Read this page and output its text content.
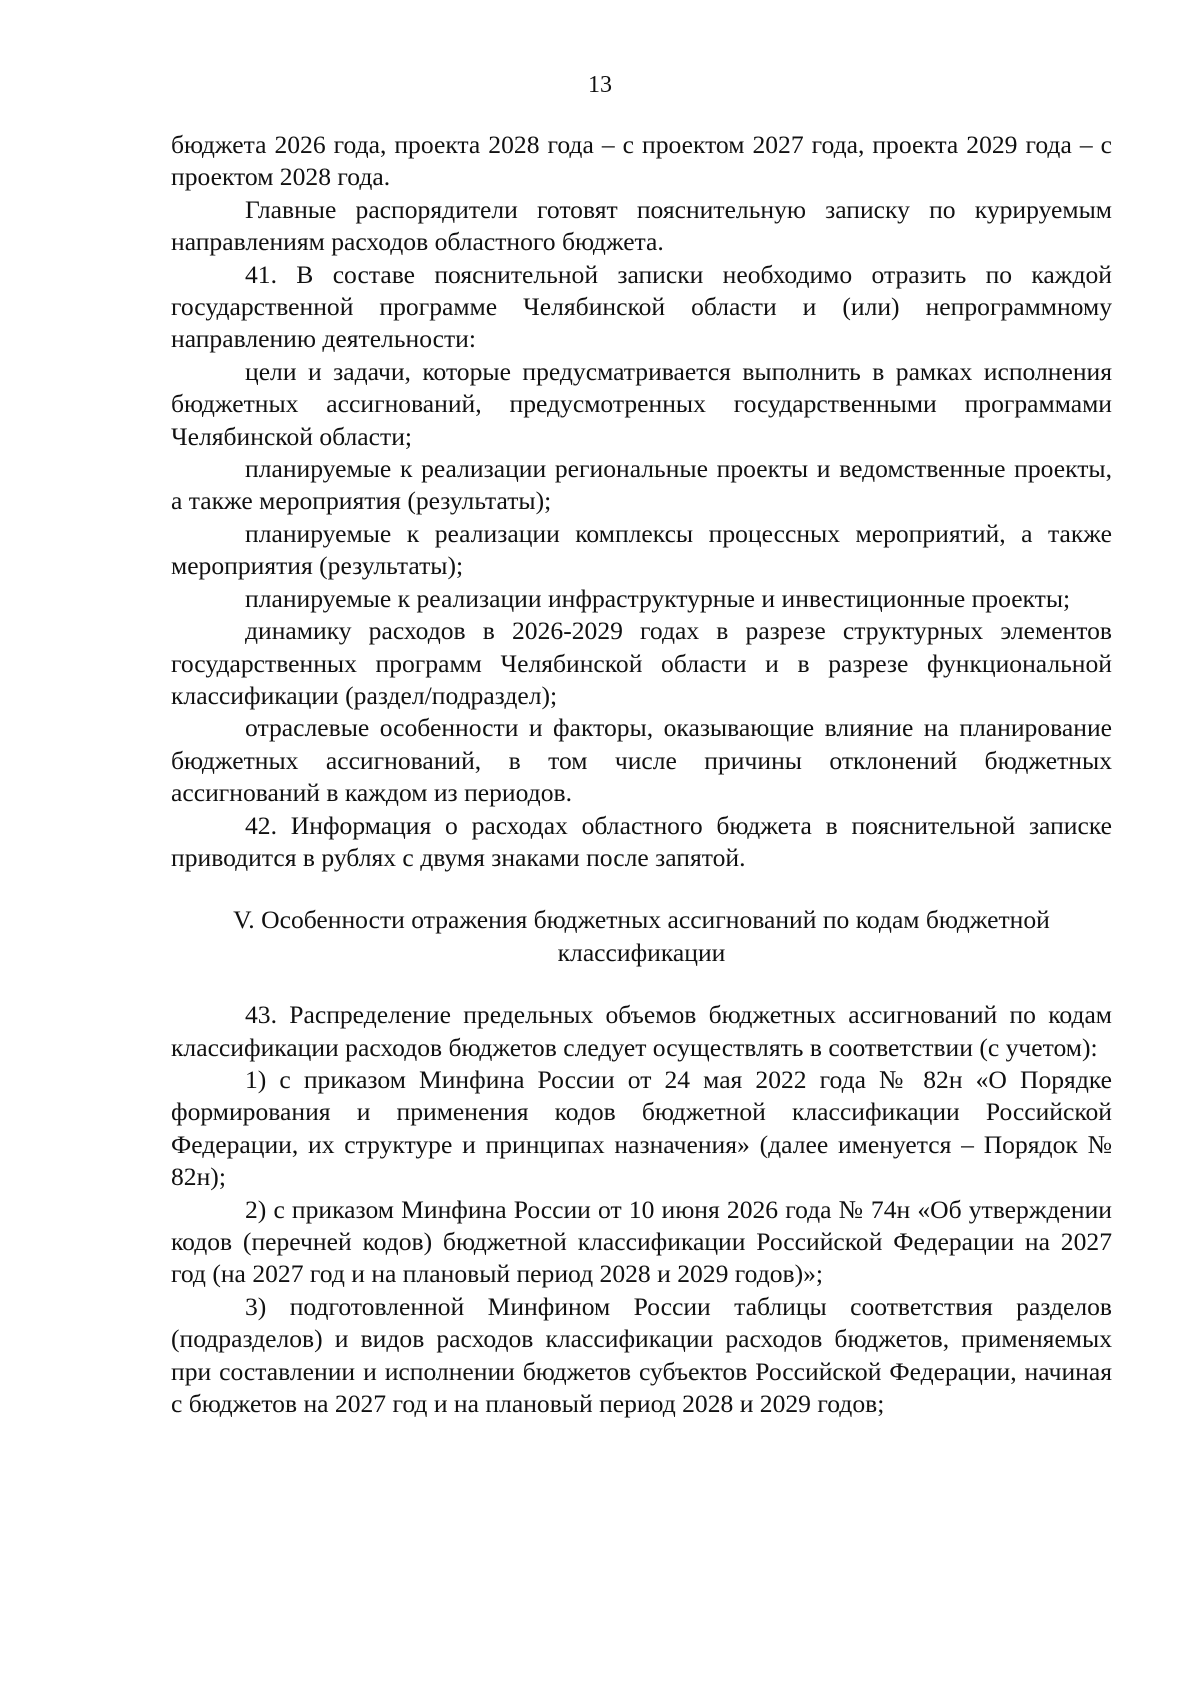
13

бюджета 2026 года, проекта 2028 года – с проектом 2027 года, проекта 2029 года – с проектом 2028 года.

Главные распорядители готовят пояснительную записку по курируемым направлениям расходов областного бюджета.

41. В составе пояснительной записки необходимо отразить по каждой государственной программе Челябинской области и (или) непрограммному направлению деятельности:

цели и задачи, которые предусматривается выполнить в рамках исполнения бюджетных ассигнований, предусмотренных государственными программами Челябинской области;

планируемые к реализации региональные проекты и ведомственные проекты, а также мероприятия (результаты);

планируемые к реализации комплексы процессных мероприятий, а также мероприятия (результаты);

планируемые к реализации инфраструктурные и инвестиционные проекты;

динамику расходов в 2026-2029 годах в разрезе структурных элементов государственных программ Челябинской области и в разрезе функциональной классификации (раздел/подраздел);

отраслевые особенности и факторы, оказывающие влияние на планирование бюджетных ассигнований, в том числе причины отклонений бюджетных ассигнований в каждом из периодов.

42. Информация о расходах областного бюджета в пояснительной записке приводится в рублях с двумя знаками после запятой.

V. Особенности отражения бюджетных ассигнований по кодам бюджетной
классификации

43. Распределение предельных объемов бюджетных ассигнований по кодам классификации расходов бюджетов следует осуществлять в соответствии (с учетом):

1) с приказом Минфина России от 24 мая 2022 года № 82н «О Порядке формирования и применения кодов бюджетной классификации Российской Федерации, их структуре и принципах назначения» (далее именуется – Порядок № 82н);

2) с приказом Минфина России от 10 июня 2026 года № 74н «Об утверждении кодов (перечней кодов) бюджетной классификации Российской Федерации на 2027 год (на 2027 год и на плановый период 2028 и 2029 годов)»;

3) подготовленной Минфином России таблицы соответствия разделов (подразделов) и видов расходов классификации расходов бюджетов, применяемых при составлении и исполнении бюджетов субъектов Российской Федерации, начиная с бюджетов на 2027 год и на плановый период 2028 и 2029 годов;
